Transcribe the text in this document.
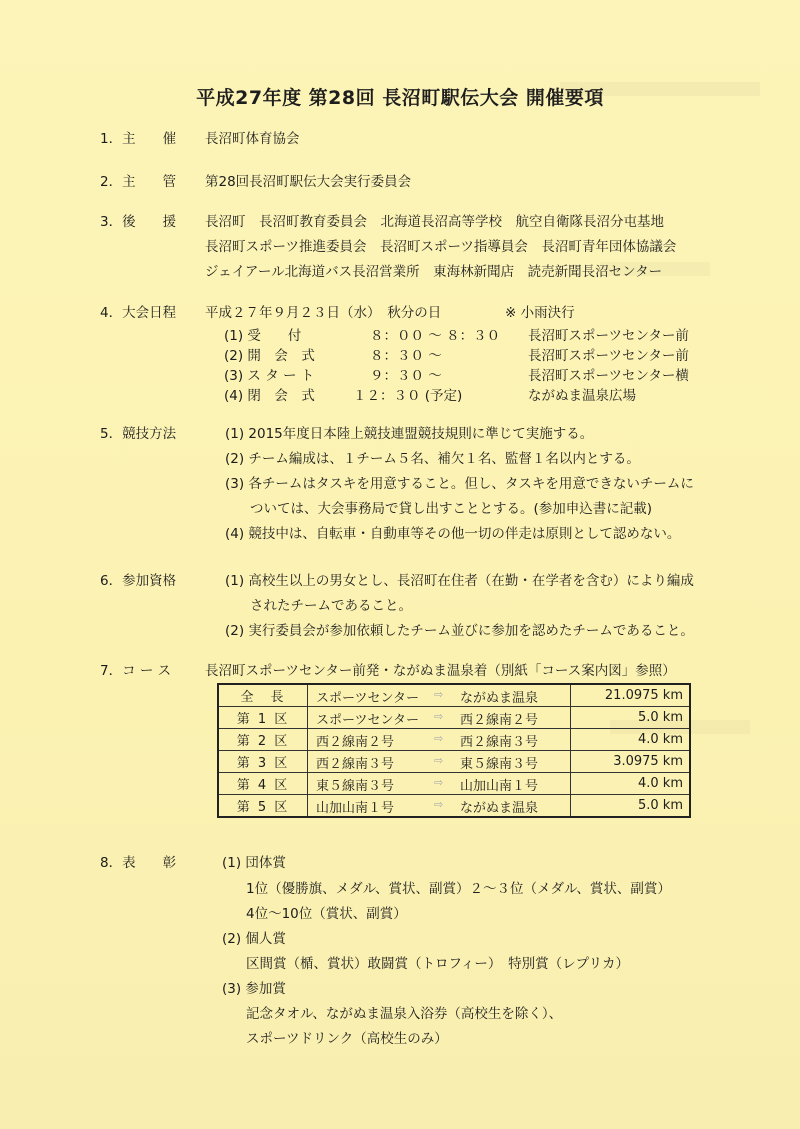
平成27年度 第28回 長沼町駅伝大会 開催要項
1．主　　催 長沼町体育協会
2．主　　管 第28回長沼町駅伝大会実行委員会
3．後　　援 長沼町　長沼町教育委員会　北海道長沼高等学校　航空自衛隊長沼分屯基地
長沼町スポーツ推進委員会　長沼町スポーツ指導員会　長沼町青年団体協議会
ジェイアール北海道バス長沼営業所　東海林新聞店　読売新聞長沼センター
4．大会日程 平成２７年９月２３日（水）　秋分の日	※ 小雨決行
(1) 受　　付	８：００ ～ ８：３０ 長沼町スポーツセンター前
(2) 開　会　式	８：３０ ～	長沼町スポーツセンター前
(3) ス タ ー ト	９：３０ ～	長沼町スポーツセンター横
(4) 閉　会　式	１２：３０ (予定)	ながぬま温泉広場
5．競技方法	(1) 2015年度日本陸上競技連盟競技規則に準じて実施する。
(2) チーム編成は、１チーム５名、補欠１名、監督１名以内とする。
(3) 各チームはタスキを用意すること。但し、タスキを用意できないチームに
ついては、大会事務局で貸し出すこととする。(参加申込書に記載)
(4) 競技中は、自転車・自動車等その他一切の伴走は原則として認めない。
6．参加資格	(1) 高校生以上の男女とし、長沼町在住者（在勤・在学者を含む）により編成
されたチームであること。
(2) 実行委員会が参加依頼したチーム並びに参加を認めたチームであること。
7．コ ー ス	長沼町スポーツセンター前発・ながぬま温泉着（別紙「コース案内図」参照）
全　長	スポーツセンター ⇨ ながぬま温泉	21.0975 km
第 1 区	スポーツセンター ⇨ 西２線南２号	5.0 km
第 2 区	西２線南２号 ⇨ 西２線南３号	4.0 km
第 3 区	西２線南３号 ⇨ 東５線南３号	3.0975 km
第 4 区	東５線南３号 ⇨ 山加山南１号	4.0 km
第 5 区	山加山南１号 ⇨ ながぬま温泉	5.0 km
8．表　　彰	(1) 団体賞
1位（優勝旗、メダル、賞状、副賞）２～３位（メダル、賞状、副賞）
4位～10位（賞状、副賞）
(2) 個人賞
区間賞（楯、賞状）敢闘賞（トロフィー）　特別賞（レプリカ）
(3) 参加賞
記念タオル、ながぬま温泉入浴券（高校生を除く）、
スポーツドリンク（高校生のみ）
